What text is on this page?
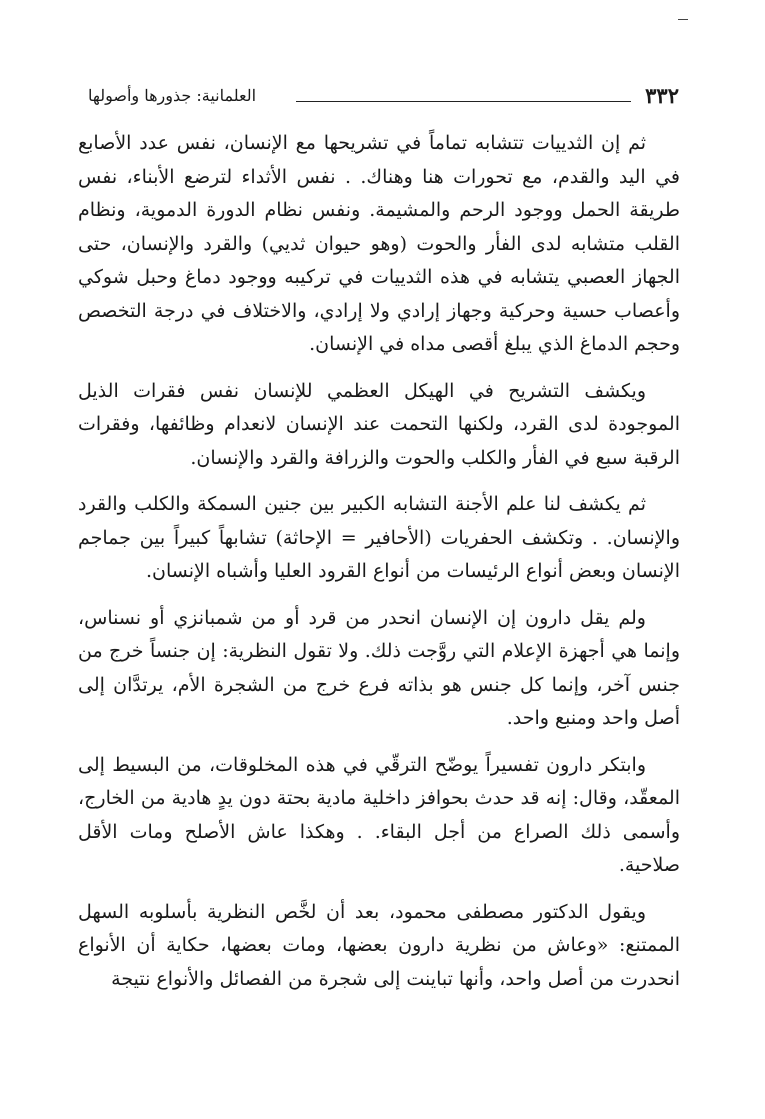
٣٣٢
العلمانية: جذورها وأصولها

ثم إن الثدييات تتشابه تماماً في تشريحها مع الإنسان، نفس عدد الأصابع في اليد والقدم، مع تحورات هنا وهناك. . نفس الأثداء لترضع الأبناء، نفس طريقة الحمل ووجود الرحم والمشيمة. ونفس نظام الدورة الدموية، ونظام القلب متشابه لدى الفأر والحوت (وهو حيوان ثديي) والقرد والإنسان، حتى الجهاز العصبي يتشابه في هذه الثدييات في تركيبه ووجود دماغ وحبل شوكي وأعصاب حسية وحركية وجهاز إرادي ولا إرادي، والاختلاف في درجة التخصص وحجم الدماغ الذي يبلغ أقصى مداه في الإنسان.

ويكشف التشريح في الهيكل العظمي للإنسان نفس فقرات الذيل الموجودة لدى القرد، ولكنها التحمت عند الإنسان لانعدام وظائفها، وفقرات الرقبة سبع في الفأر والكلب والحوت والزرافة والقرد والإنسان.

ثم يكشف لنا علم الأجنة التشابه الكبير بين جنين السمكة والكلب والقرد والإنسان. . وتكشف الحفريات (الأحافير = الإحاثة) تشابهاً كبيراً بين جماجم الإنسان وبعض أنواع الرئيسات من أنواع القرود العليا وأشباه الإنسان.

ولم يقل دارون إن الإنسان انحدر من قرد أو من شمبانزي أو نسناس، وإنما هي أجهزة الإعلام التي روَّجت ذلك. ولا تقول النظرية: إن جنساً خرج من جنس آخر، وإنما كل جنس هو بذاته فرع خرج من الشجرة الأم، يرتدَّان إلى أصل واحد ومنبع واحد.

وابتكر دارون تفسيراً يوضّح الترقّي في هذه المخلوقات، من البسيط إلى المعقّد، وقال: إنه قد حدث بحوافز داخلية مادية بحتة دون يدٍ هادية من الخارج، وأسمى ذلك الصراع من أجل البقاء. . وهكذا عاش الأصلح ومات الأقل صلاحية.

ويقول الدكتور مصطفى محمود، بعد أن لخَّص النظرية بأسلوبه السهل الممتنع: «وعاش من نظرية دارون بعضها، ومات بعضها، حكاية أن الأنواع انحدرت من أصل واحد، وأنها تباينت إلى شجرة من الفصائل والأنواع نتيجة
